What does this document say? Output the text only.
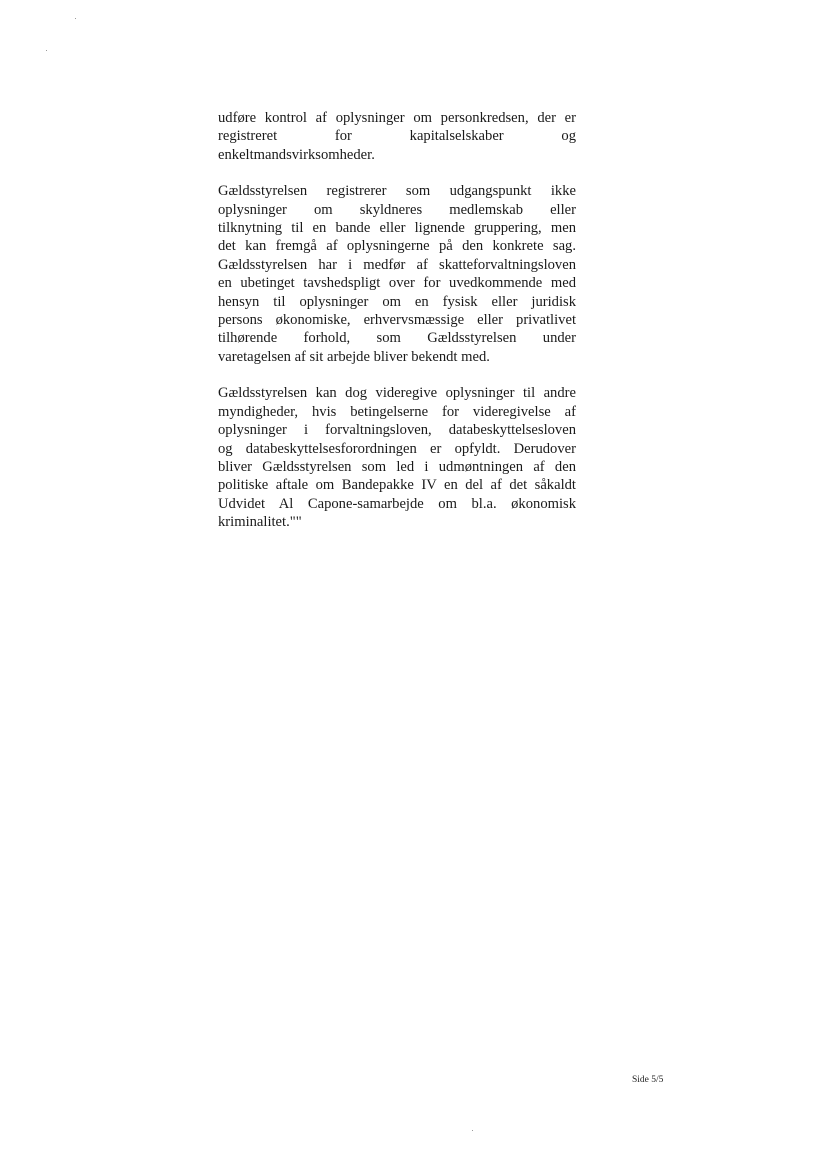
udføre kontrol af oplysninger om personkredsen, der er
registreret for kapitalselskaber og
enkeltmandsvirksomheder.
Gældsstyrelsen registrerer som udgangspunkt ikke
oplysninger om skyldneres medlemskab eller
tilknytning til en bande eller lignende gruppering, men
det kan fremgå af oplysningerne på den konkrete sag.
Gældsstyrelsen har i medfør af skatteforvaltningsloven
en ubetinget tavshedspligt over for uvedkommende med
hensyn til oplysninger om en fysisk eller juridisk
persons økonomiske, erhvervsmæssige eller privatlivet
tilhørende forhold, som Gældsstyrelsen under
varetagelsen af sit arbejde bliver bekendt med.
Gældsstyrelsen kan dog videregive oplysninger til andre
myndigheder, hvis betingelserne for videregivelse af
oplysninger i forvaltningsloven, databeskyttelsesloven
og databeskyttelsesforordningen er opfyldt. Derudover
bliver Gældsstyrelsen som led i udmøntningen af den
politiske aftale om Bandepakke IV en del af det såkaldt
Udvidet Al Capone-samarbejde om bl.a. økonomisk
kriminalitet.""
Side 5/5
